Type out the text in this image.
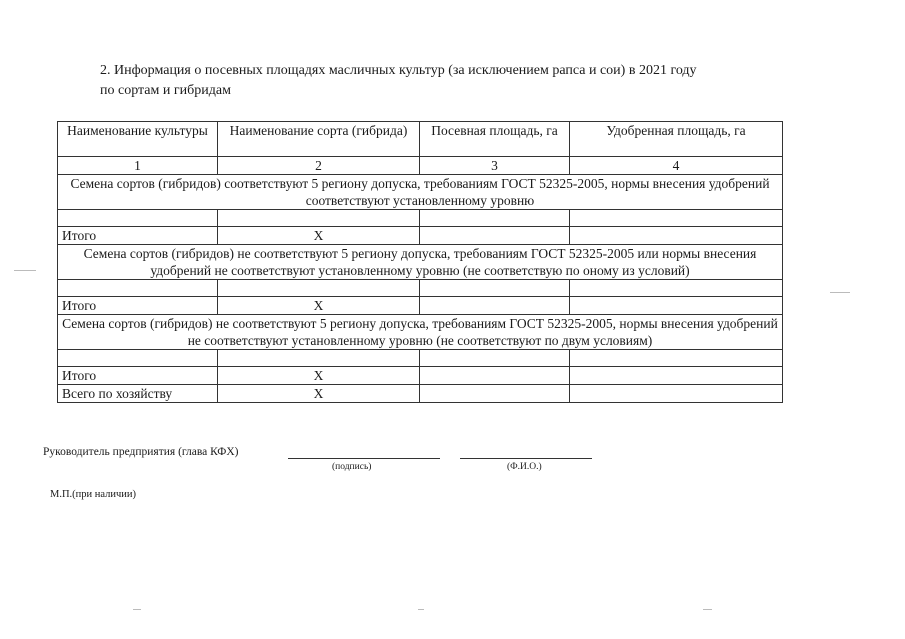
2. Информация о посевных площадях масличных культур (за исключением рапса и сои) в 2021 году
по сортам и гибридам
Наименование культуры	Наименование сорта (гибрида)	Посевная площадь, га	Удобренная площадь, га
1	2	3	4
Семена сортов (гибридов) соответствуют 5 региону допуска, требованиям ГОСТ 52325-2005, нормы внесения удобрений соответствуют установленному уровню			

Итого	X		
Семена сортов (гибридов) не соответствуют 5 региону допуска, требованиям ГОСТ 52325-2005 или нормы внесения удобрений не соответствуют установленному уровню (не соответствую по оному из условий)			

Итого	X		
Семена сортов (гибридов) не соответствуют 5 региону допуска, требованиям ГОСТ 52325-2005, нормы внесения удобрений не соответствуют установленному уровню (не соответствуют по двум условиям)			

Итого	X		
Всего по хозяйству	X		
Руководитель предприятия (глава КФХ)
(подпись)	(Ф.И.О.)
М.П.(при наличии)
